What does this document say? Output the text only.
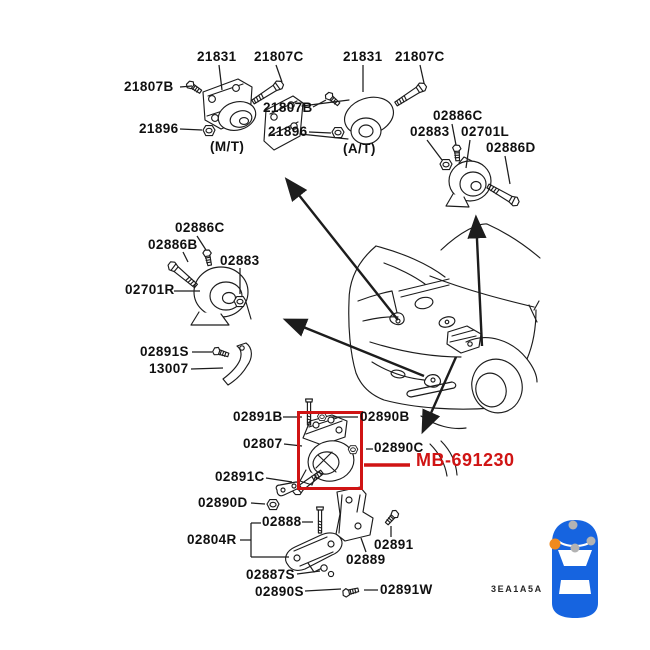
21831 21807C	21831 21807C
21807B
21807B
21896	21896
(M/T)	(A/T)
02886C
02883 02701L
02886D
02886C
02886B
02883
02701R
02891S
13007
02891B	02890B
02807	02890C
02891C
02890D
02888
02804R	02891
02889
02887S
02890S	02891W
MB-691230
3EA1A5A
